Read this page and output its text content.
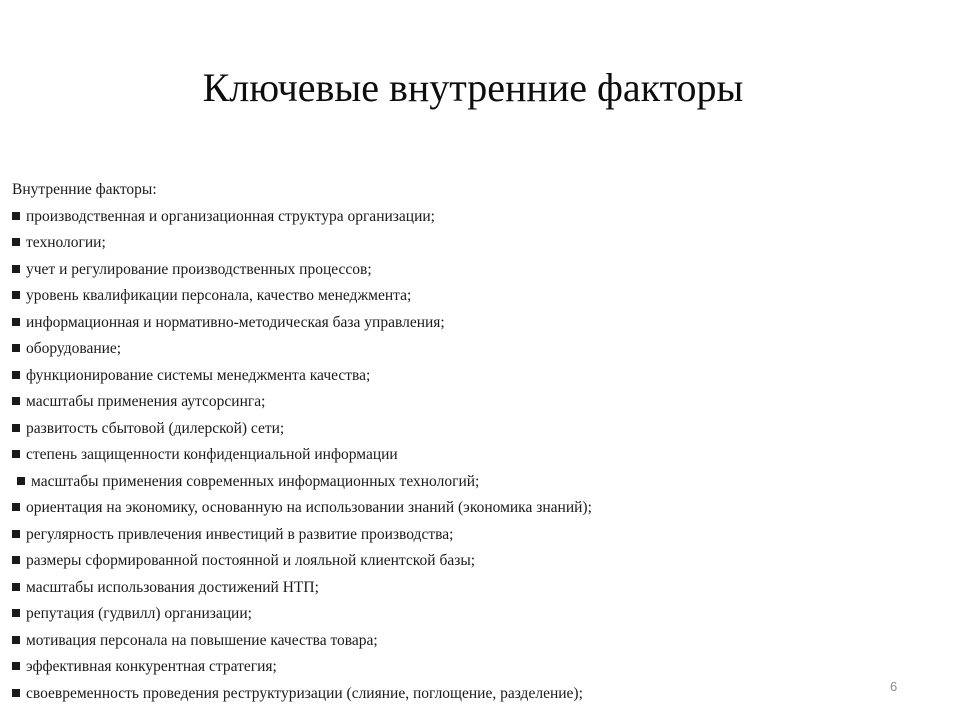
Ключевые внутренние факторы
Внутренние факторы:
производственная и организационная структура организации;
технологии;
учет и регулирование производственных процессов;
уровень квалификации персонала, качество менеджмента;
информационная и нормативно-методическая база управления;
оборудование;
функционирование системы менеджмента качества;
масштабы применения аутсорсинга;
развитость сбытовой (дилерской) сети;
степень защищенности конфиденциальной информации
масштабы применения современных информационных технологий;
ориентация на экономику, основанную на использовании знаний (экономика знаний);
регулярность привлечения инвестиций в развитие производства;
размеры сформированной постоянной и лояльной клиентской базы;
масштабы использования достижений НТП;
репутация (гудвилл) организации;
мотивация персонала на повышение качества товара;
эффективная конкурентная стратегия;
своевременность проведения реструктуризации (слияние, поглощение, разделение);	6
